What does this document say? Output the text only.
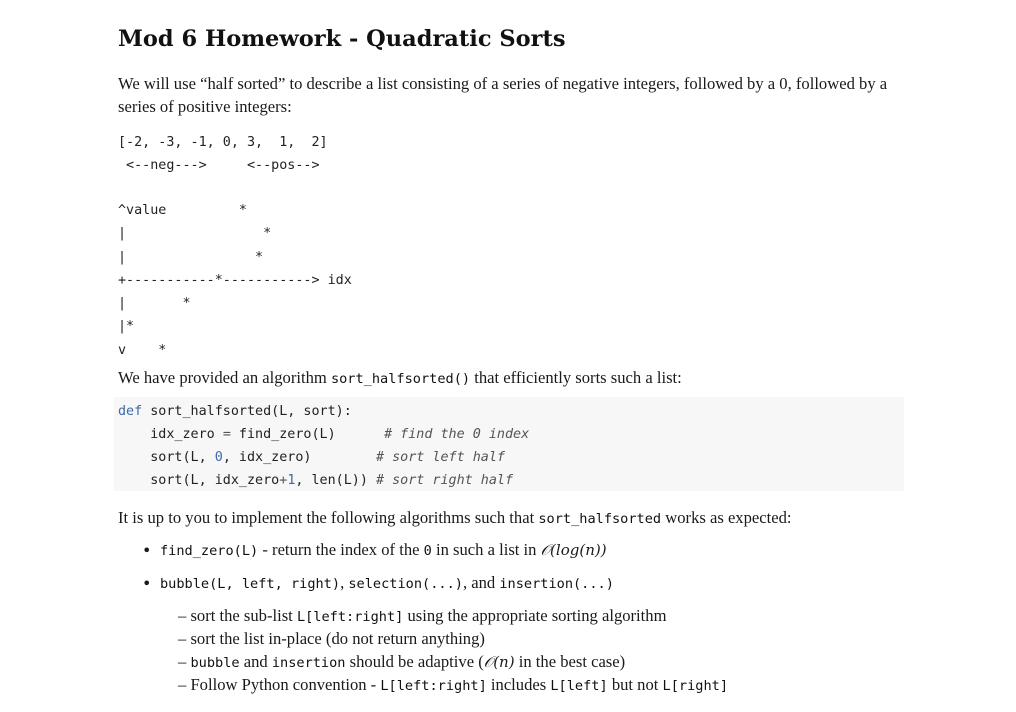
Mod 6 Homework - Quadratic Sorts

We will use “half sorted” to describe a list consisting of a series of negative integers, followed by a 0, followed by a series of positive integers:

[-2, -3, -1, 0, 3,  1,  2]
<--neg--->     <--pos-->
^value         *
|                 *
|                *
+-----------*-----------> idx
|       *
|*
v    *

We have provided an algorithm sort_halfsorted() that efficiently sorts such a list:

def sort_halfsorted(L, sort):
idx_zero = find_zero(L)      # find the 0 index
sort(L, 0, idx_zero)        # sort left half
sort(L, idx_zero+1, len(L)) # sort right half

It is up to you to implement the following algorithms such that sort_halfsorted works as expected:

• find_zero(L) - return the index of the 0 in such a list in 𝒪(log(n))
• bubble(L, left, right), selection(...), and insertion(...)
– sort the sub-list L[left:right] using the appropriate sorting algorithm
– sort the list in-place (do not return anything)
– bubble and insertion should be adaptive (𝒪(n) in the best case)
– Follow Python convention - L[left:right] includes L[left] but not L[right]
